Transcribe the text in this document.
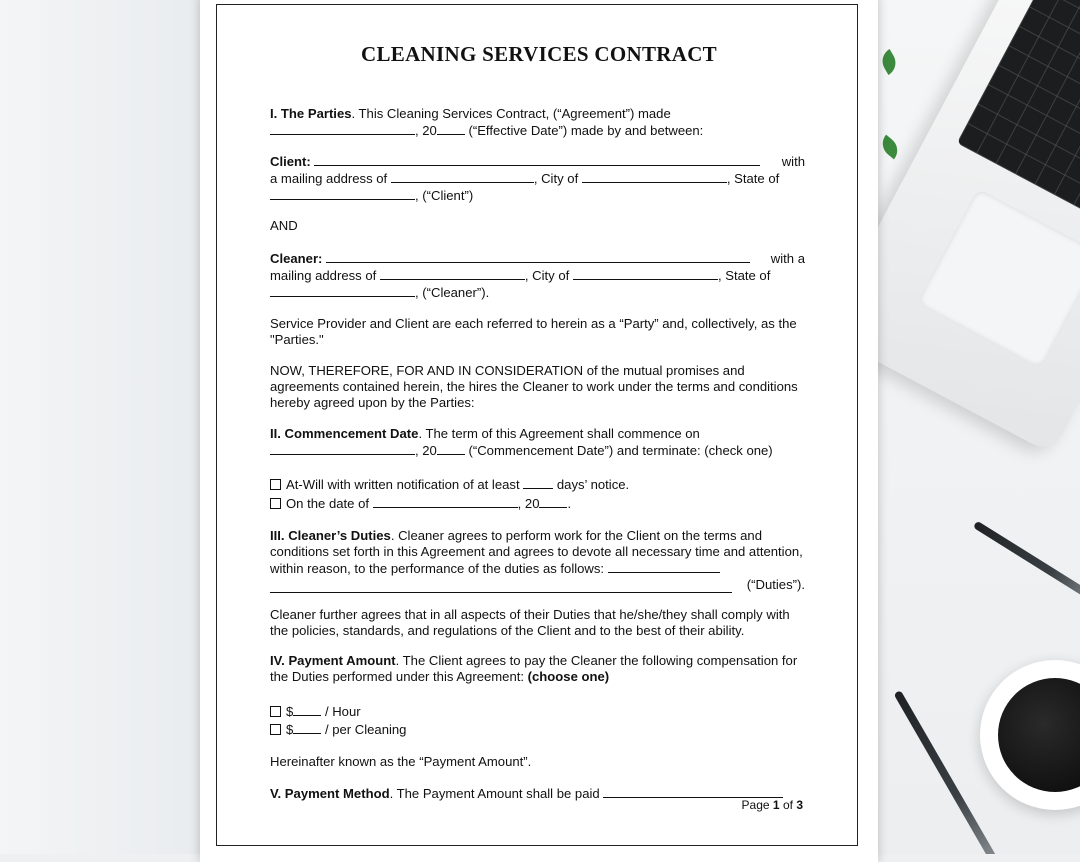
CLEANING SERVICES CONTRACT

I. The Parties. This Cleaning Services Contract, (“Agreement”) made

, 20 (“Effective Date”) made by and between:

Client:	with

a mailing address of	, City of	, State of

, (“Client”)

AND

Cleaner:	with a

mailing address of	, City of	, State of

, (“Cleaner”).

Service Provider and Client are each referred to herein as a “Party” and, collectively, as the "Parties."

NOW, THEREFORE, FOR AND IN CONSIDERATION of the mutual promises and agreements contained herein, the hires the Cleaner to work under the terms and conditions hereby agreed upon by the Parties:

II. Commencement Date. The term of this Agreement shall commence on

, 20 (“Commencement Date”) and terminate: (check one)

At-Will with written notification of at least	days’ notice.

On the date of	, 20 .

III. Cleaner’s Duties. Cleaner agrees to perform work for the Client on the terms and conditions set forth in this Agreement and agrees to devote all necessary time and attention, within reason, to the performance of the duties as follows:

(“Duties”).

Cleaner further agrees that in all aspects of their Duties that he/she/they shall comply with the policies, standards, and regulations of the Client and to the best of their ability.

IV. Payment Amount. The Client agrees to pay the Cleaner the following compensation for the Duties performed under this Agreement: (choose one)

$ / Hour

$ / per Cleaning

Hereinafter known as the “Payment Amount”.

V. Payment Method. The Payment Amount shall be paid

Page 1 of 3
